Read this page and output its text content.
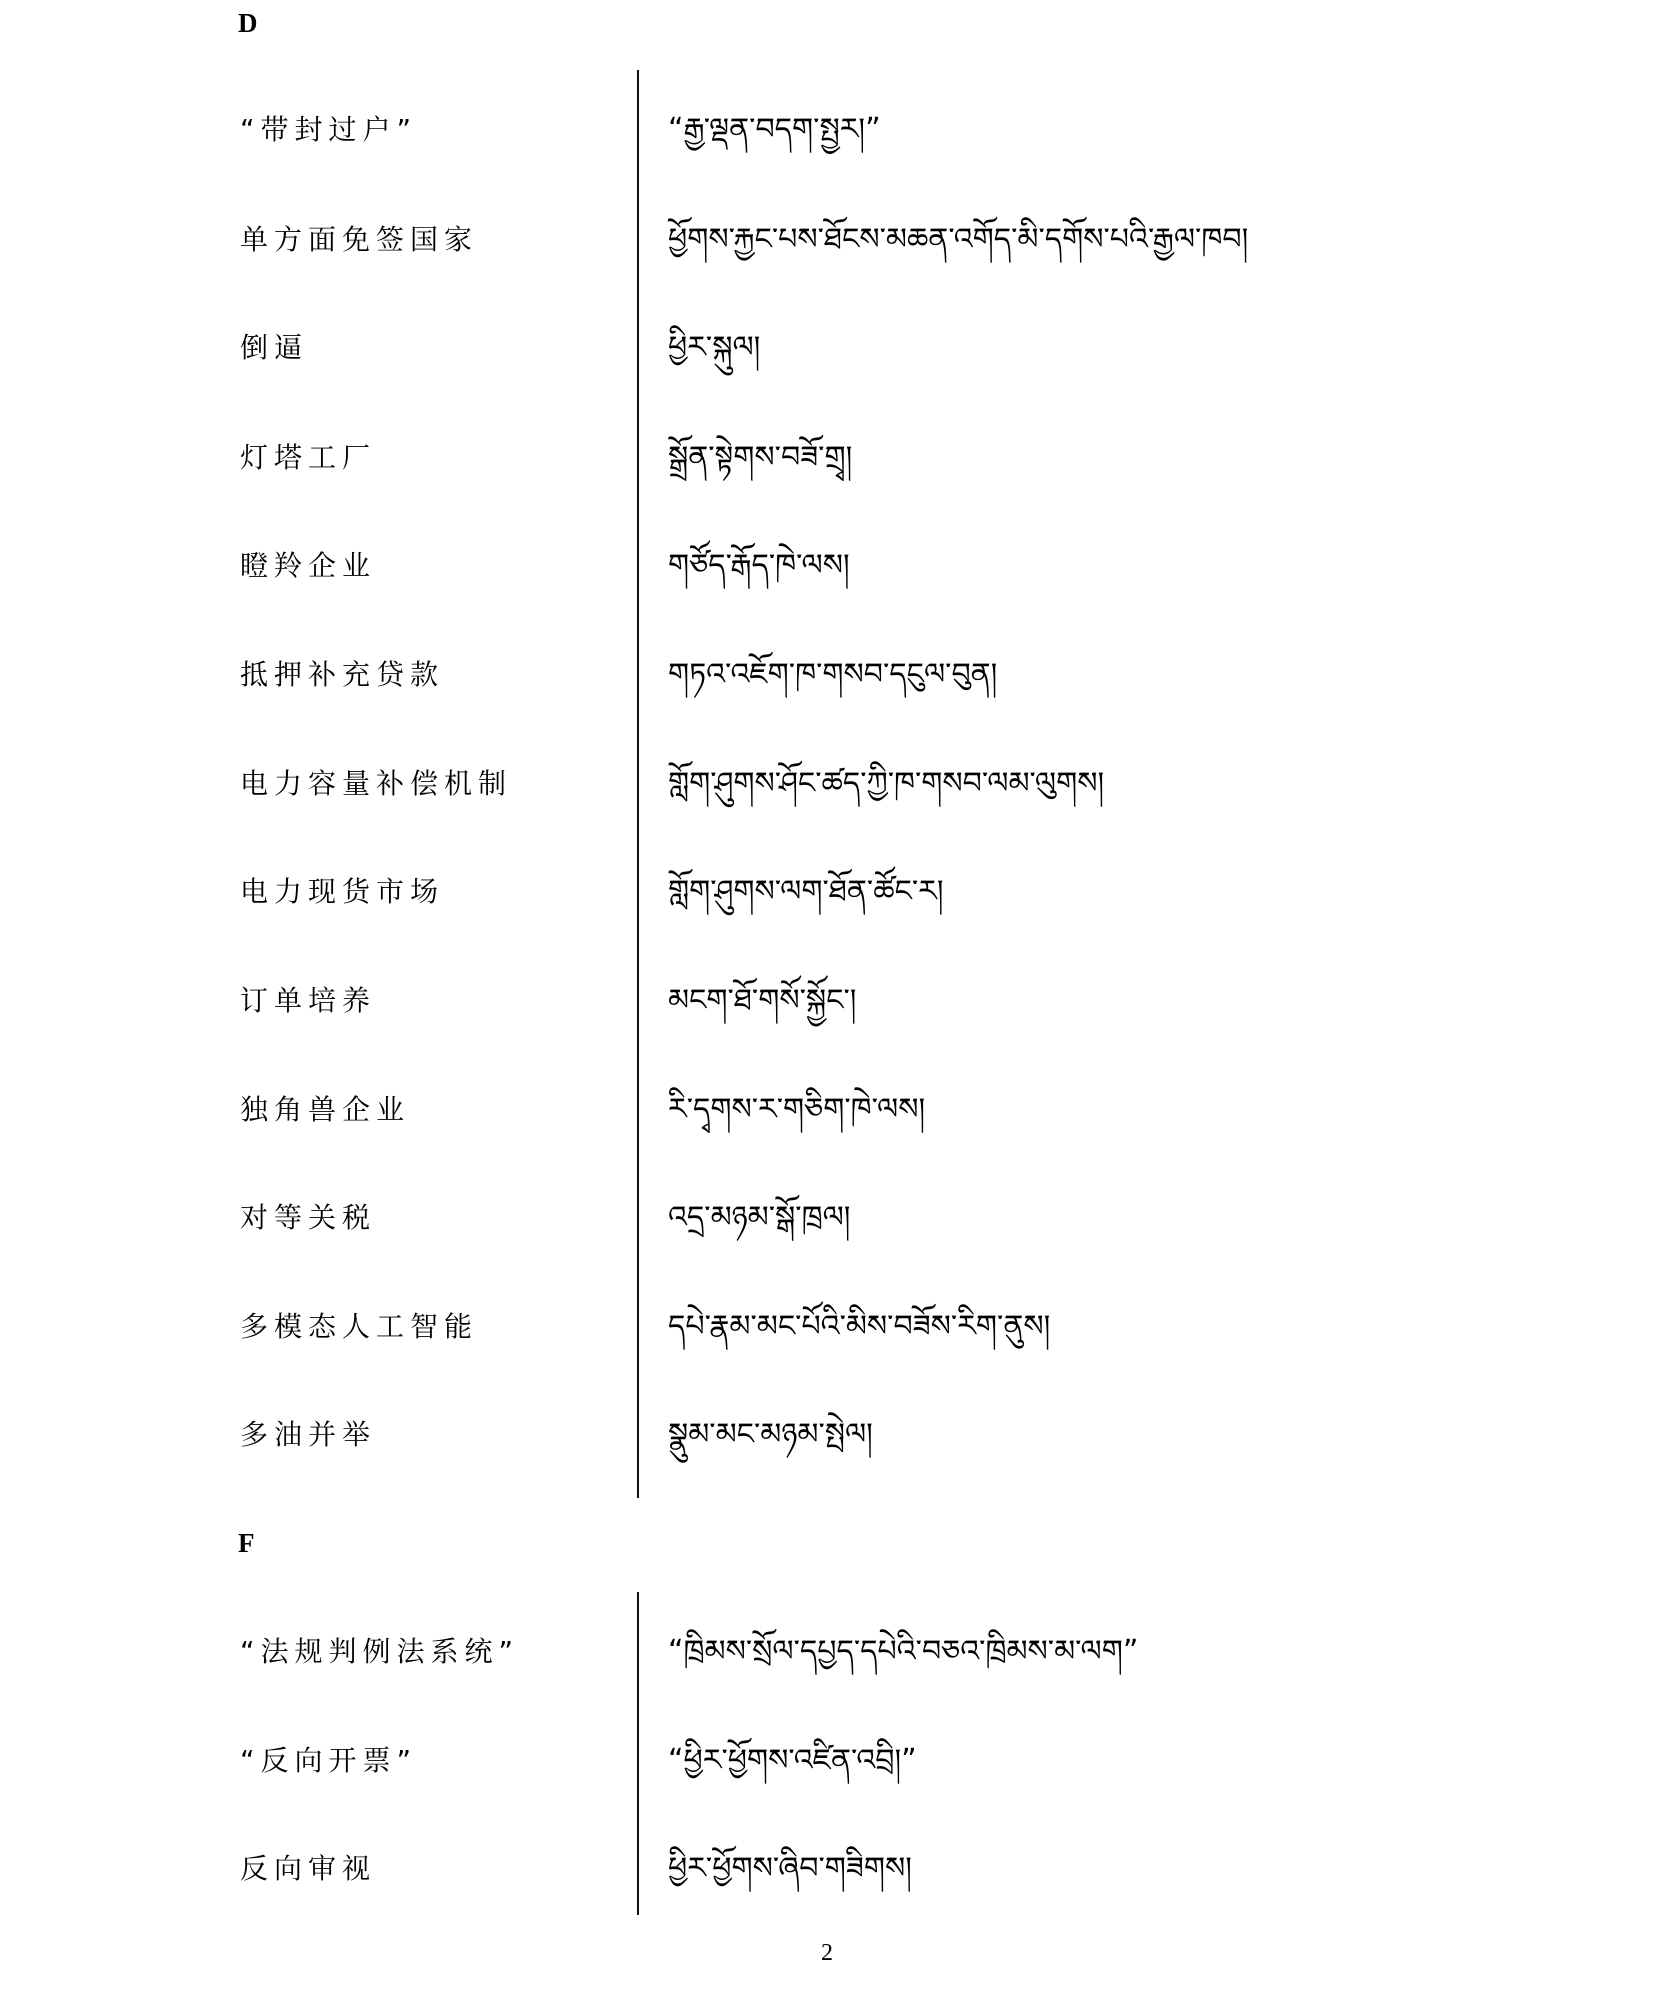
D
“带封过户”	“རྒྱ་ལྡན་བདག་སྤྱར།”
单方面免签国家	ཕྱོགས་རྐྱང་པས་ཐོངས་མཆན་འགོད་མི་དགོས་པའི་རྒྱལ་ཁབ།
倒逼	ཕྱིར་སྐུལ།
灯塔工厂	སྒྲོན་སྟེགས་བཟོ་གྲྭ།
瞪羚企业	གཙོད་རྒོད་ཁེ་ལས།
抵押补充贷款	གཏའ་འཇོག་ཁ་གསབ་དངུལ་བུན།
电力容量补偿机制	གློག་ཤུགས་ཤོང་ཚད་ཀྱི་ཁ་གསབ་ལམ་ལུགས།
电力现货市场	གློག་ཤུགས་ལག་ཐོན་ཚོང་ར།
订单培养	མངག་ཐོ་གསོ་སྐྱོང་།
独角兽企业	རི་དྭགས་ར་གཅིག་ཁེ་ལས།
对等关税	འདྲ་མཉམ་སྒོ་ཁྲལ།
多模态人工智能	དཔེ་རྣམ་མང་པོའི་མིས་བཟོས་རིག་ནུས།
多油并举	སྣུམ་མང་མཉམ་སྤེལ།
F
“法规判例法系统”	“ཁྲིམས་སྲོལ་དཔྱད་དཔེའི་བཅའ་ཁྲིམས་མ་ལག”
“反向开票”	“ཕྱིར་ཕྱོགས་འཛིན་འབྲི།”
反向审视	ཕྱིར་ཕྱོགས་ཞིབ་གཟིགས།
2
